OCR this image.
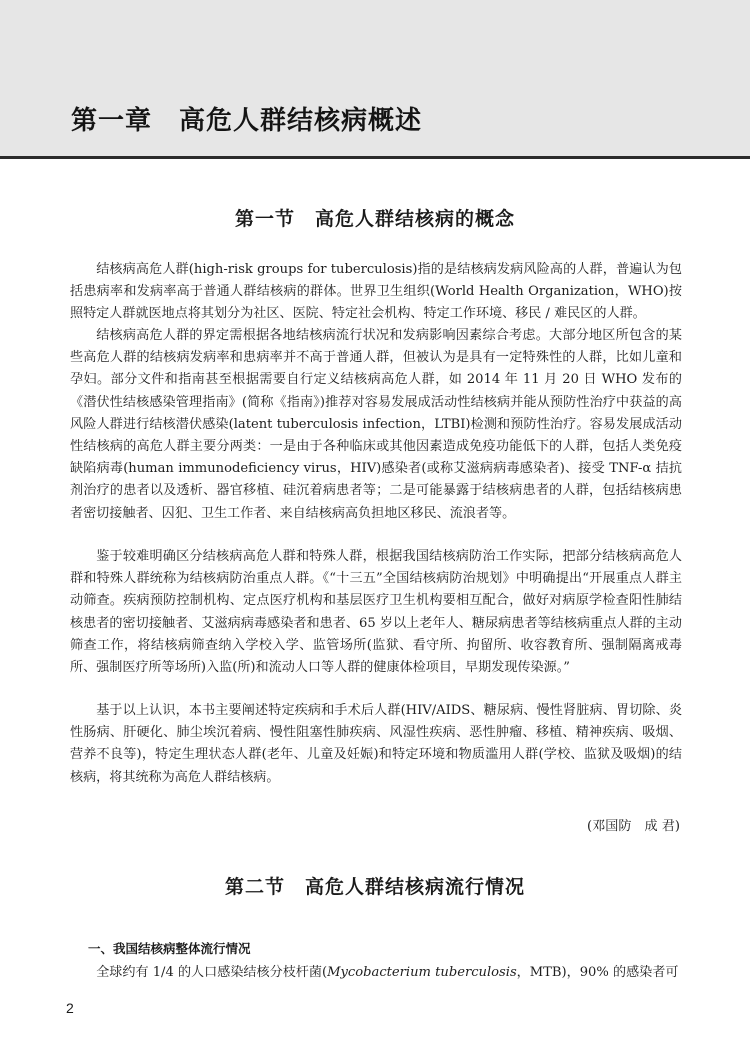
第一章　高危人群结核病概述
第一节　高危人群结核病的概念

结核病高危人群(high-risk groups for tuberculosis)指的是结核病发病风险高的人群，普遍认为包括患病率和发病率高于普通人群结核病的群体。世界卫生组织(World Health Organization，WHO)按照特定人群就医地点将其划分为社区、医院、特定社会机构、特定工作环境、移民 / 难民区的人群。

结核病高危人群的界定需根据各地结核病流行状况和发病影响因素综合考虑。大部分地区所包含的某些高危人群的结核病发病率和患病率并不高于普通人群，但被认为是具有一定特殊性的人群，比如儿童和孕妇。部分文件和指南甚至根据需要自行定义结核病高危人群，如 2014 年 11 月 20 日 WHO 发布的《潜伏性结核感染管理指南》(简称《指南》)推荐对容易发展成活动性结核病并能从预防性治疗中获益的高风险人群进行结核潜伏感染(latent tuberculosis infection，LTBI)检测和预防性治疗。容易发展成活动性结核病的高危人群主要分两类：一是由于各种临床或其他因素造成免疫功能低下的人群，包括人类免疫缺陷病毒(human immunodeficiency virus，HIV)感染者(或称艾滋病病毒感染者)、接受 TNF-α 拮抗剂治疗的患者以及透析、器官移植、硅沉着病患者等；二是可能暴露于结核病患者的人群，包括结核病患者密切接触者、囚犯、卫生工作者、来自结核病高负担地区移民、流浪者等。

鉴于较难明确区分结核病高危人群和特殊人群，根据我国结核病防治工作实际，把部分结核病高危人群和特殊人群统称为结核病防治重点人群。《“十三五”全国结核病防治规划》中明确提出“开展重点人群主动筛查。疾病预防控制机构、定点医疗机构和基层医疗卫生机构要相互配合，做好对病原学检查阳性肺结核患者的密切接触者、艾滋病病毒感染者和患者、65 岁以上老年人、糖尿病患者等结核病重点人群的主动筛查工作，将结核病筛查纳入学校入学、监管场所(监狱、看守所、拘留所、收容教育所、强制隔离戒毒所、强制医疗所等场所)入监(所)和流动人口等人群的健康体检项目，早期发现传染源。”

基于以上认识，本书主要阐述特定疾病和手术后人群(HIV/AIDS、糖尿病、慢性肾脏病、胃切除、炎性肠病、肝硬化、肺尘埃沉着病、慢性阻塞性肺疾病、风湿性疾病、恶性肿瘤、移植、精神疾病、吸烟、营养不良等)，特定生理状态人群(老年、儿童及妊娠)和特定环境和物质滥用人群(学校、监狱及吸烟)的结核病，将其统称为高危人群结核病。

(邓国防　成 君)

第二节　高危人群结核病流行情况
一、我国结核病整体流行情况

全球约有 1/4 的人口感染结核分枝杆菌(Mycobacterium tuberculosis，MTB)，90% 的感染者可

2
